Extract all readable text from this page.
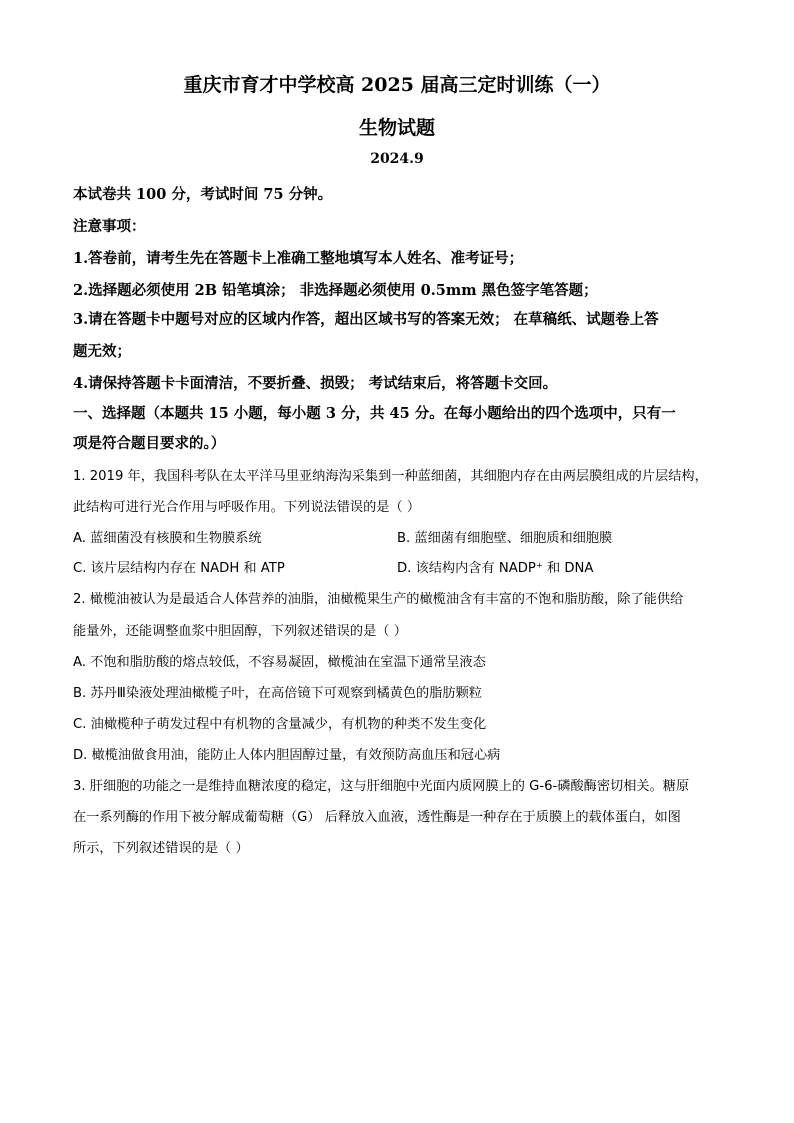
重庆市育才中学校高 2025 届高三定时训练（一）
生物试题
2024.9
本试卷共 100 分，考试时间 75 分钟。
注意事项：
1.答卷前，请考生先在答题卡上准确工整地填写本人姓名、准考证号；
2.选择题必须使用 2B 铅笔填涂； 非选择题必须使用 0.5mm 黑色签字笔答题；
3.请在答题卡中题号对应的区域内作答，超出区域书写的答案无效； 在草稿纸、试题卷上答
题无效；
4.请保持答题卡卡面清洁，不要折叠、损毁； 考试结束后，将答题卡交回。
一、选择题（本题共 15 小题，每小题 3 分，共 45 分。在每小题给出的四个选项中，只有一
项是符合题目要求的。）
1. 2019 年，我国科考队在太平洋马里亚纳海沟采集到一种蓝细菌，其细胞内存在由两层膜组成的片层结构，
此结构可进行光合作用与呼吸作用。下列说法错误的是（ ）
A. 蓝细菌没有核膜和生物膜系统	B. 蓝细菌有细胞壁、细胞质和细胞膜
C. 该片层结构内存在 NADH 和 ATP	D. 该结构内含有 NADP⁺ 和 DNA
2. 橄榄油被认为是最适合人体营养的油脂，油橄榄果生产的橄榄油含有丰富的不饱和脂肪酸，除了能供给
能量外，还能调整血浆中胆固醇，下列叙述错误的是（ ）
A. 不饱和脂肪酸的熔点较低，不容易凝固，橄榄油在室温下通常呈液态
B. 苏丹Ⅲ染液处理油橄榄子叶，在高倍镜下可观察到橘黄色的脂肪颗粒
C. 油橄榄种子萌发过程中有机物的含量减少，有机物的种类不发生变化
D. 橄榄油做食用油，能防止人体内胆固醇过量，有效预防高血压和冠心病
3. 肝细胞的功能之一是维持血糖浓度的稳定，这与肝细胞中光面内质网膜上的 G-6-磷酸酶密切相关。糖原
在一系列酶的作用下被分解成葡萄糖（G） 后释放入血液，透性酶是一种存在于质膜上的载体蛋白，如图
所示，下列叙述错误的是（ ）
